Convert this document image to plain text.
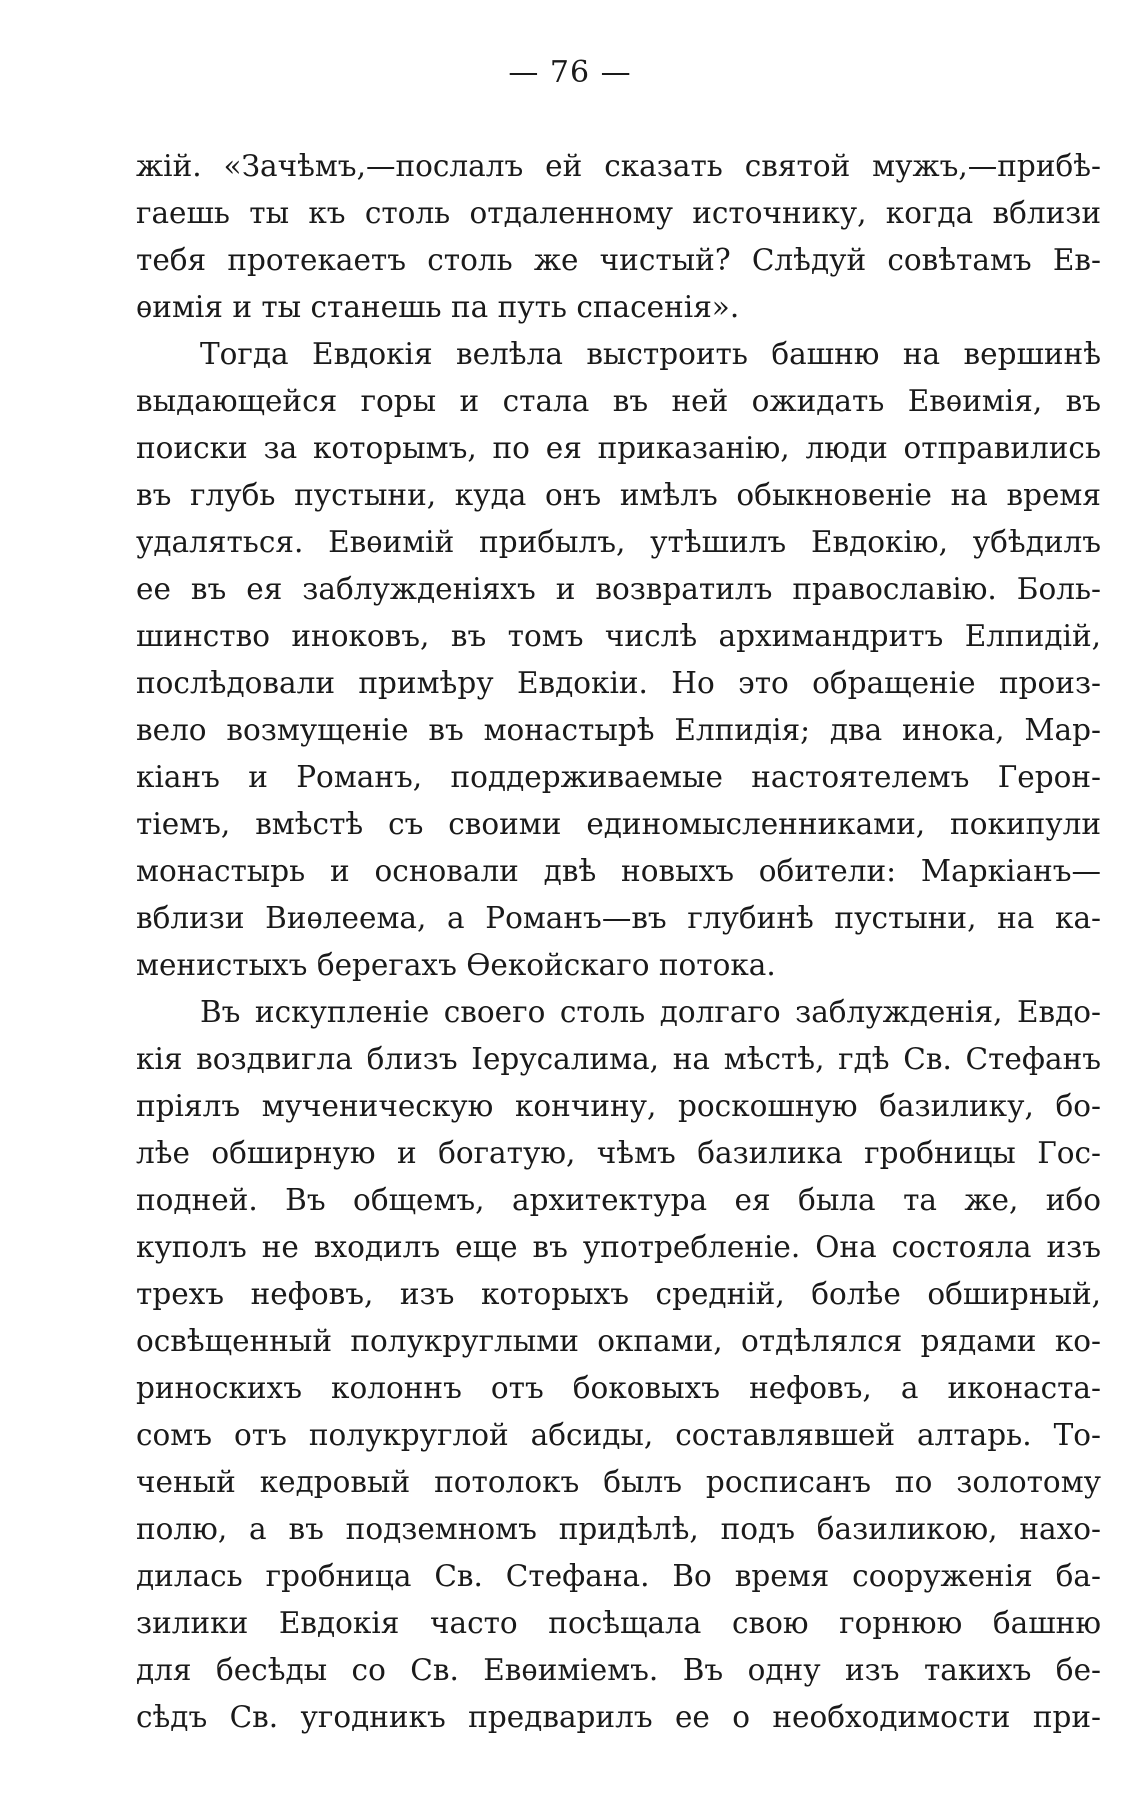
— 76 —
жій. «Зачѣмъ,—послалъ ей сказать святой мужъ,—прибѣ-
гаешь ты къ столь отдаленному источнику, когда вблизи
тебя протекаетъ столь же чистый? Слѣдуй совѣтамъ Ев-
ѳимія и ты станешь па путь спасенія».
Тогда Евдокія велѣла выстроить башню на вершинѣ
выдающейся горы и стала въ ней ожидать Евѳимія, въ
поиски за которымъ, по ея приказанію, люди отправились
въ глубь пустыни, куда онъ имѣлъ обыкновеніе на время
удаляться. Евѳимій прибылъ, утѣшилъ Евдокію, убѣдилъ
ее въ ея заблужденіяхъ и возвратилъ православію. Боль-
шинство иноковъ, въ томъ числѣ архимандритъ Елпидій,
послѣдовали примѣру Евдокіи. Но это обращеніе произ-
вело возмущеніе въ монастырѣ Елпидія; два инока, Мар-
кіанъ и Романъ, поддерживаемые настоятелемъ Герон-
тіемъ, вмѣстѣ съ своими единомысленниками, покипули
монастырь и основали двѣ новыхъ обители: Маркіанъ—
вблизи Виѳлеема, а Романъ—въ глубинѣ пустыни, на ка-
менистыхъ берегахъ Ѳекойскаго потока.
Въ искупленіе своего столь долгаго заблужденія, Евдо-
кія воздвигла близъ Іерусалима, на мѣстѣ, гдѣ Св. Стефанъ
пріялъ мученическую кончину, роскошную базилику, бо-
лѣе обширную и богатую, чѣмъ базилика гробницы Гос-
подней. Въ общемъ, архитектура ея была та же, ибо
куполъ не входилъ еще въ употребленіе. Она состояла изъ
трехъ нефовъ, изъ которыхъ средній, болѣе обширный,
освѣщенный полукруглыми окпами, отдѣлялся рядами ко-
риноскихъ колоннъ отъ боковыхъ нефовъ, а иконаста-
сомъ отъ полукруглой абсиды, составлявшей алтарь. То-
ченый кедровый потолокъ былъ росписанъ по золотому
полю, а въ подземномъ придѣлѣ, подъ базиликою, нахо-
дилась гробница Св. Стефана. Во время сооруженія ба-
зилики Евдокія часто посѣщала свою горнюю башню
для бесѣды со Св. Евѳиміемъ. Въ одну изъ такихъ бе-
сѣдъ Св. угодникъ предварилъ ее о необходимости при-
